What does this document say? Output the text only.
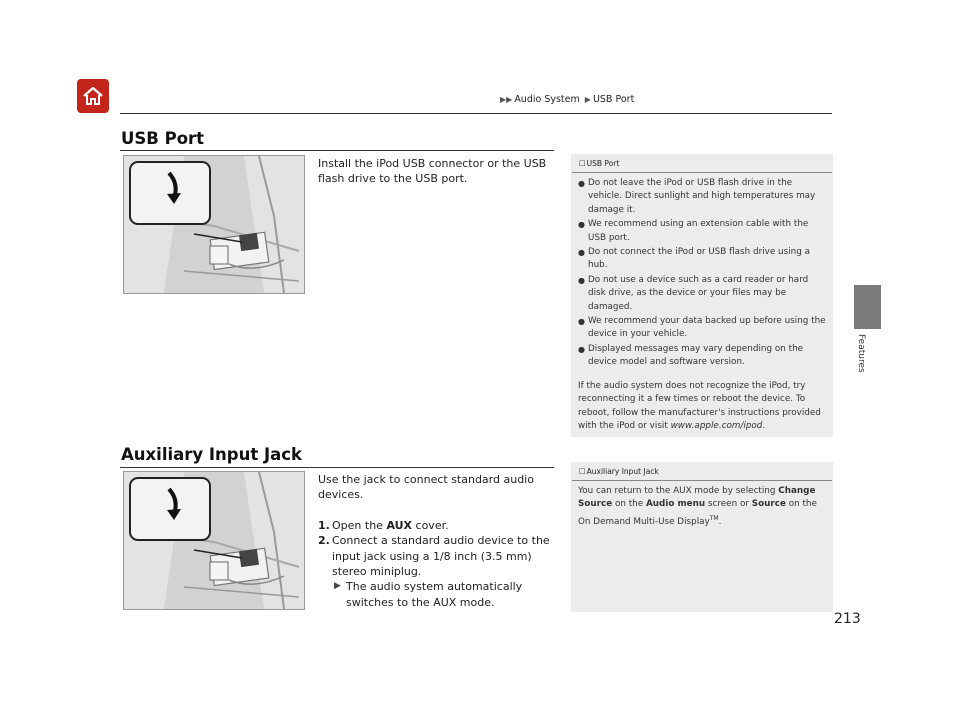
▶▶ Audio System ▶ USB Port
Features
USB Port
Install the iPod USB connector or the USB flash drive to the USB port.
□USB Port
● Do not leave the iPod or USB flash drive in the vehicle. Direct sunlight and high temperatures may damage it.
● We recommend using an extension cable with the USB port.
● Do not connect the iPod or USB flash drive using a hub.
● Do not use a device such as a card reader or hard disk drive, as the device or your files may be damaged.
● We recommend your data backed up before using the device in your vehicle.
● Displayed messages may vary depending on the device model and software version.
If the audio system does not recognize the iPod, try reconnecting it a few times or reboot the device. To reboot, follow the manufacturer's instructions provided with the iPod or visit www.apple.com/ipod.
Auxiliary Input Jack
Use the jack to connect standard audio devices.
1. Open the AUX cover.
2. Connect a standard audio device to the input jack using a 1/8 inch (3.5 mm) stereo miniplug.
▶ The audio system automatically switches to the AUX mode.
□Auxiliary Input Jack
You can return to the AUX mode by selecting Change Source on the Audio menu screen or Source on the On Demand Multi-Use Display™.
213
